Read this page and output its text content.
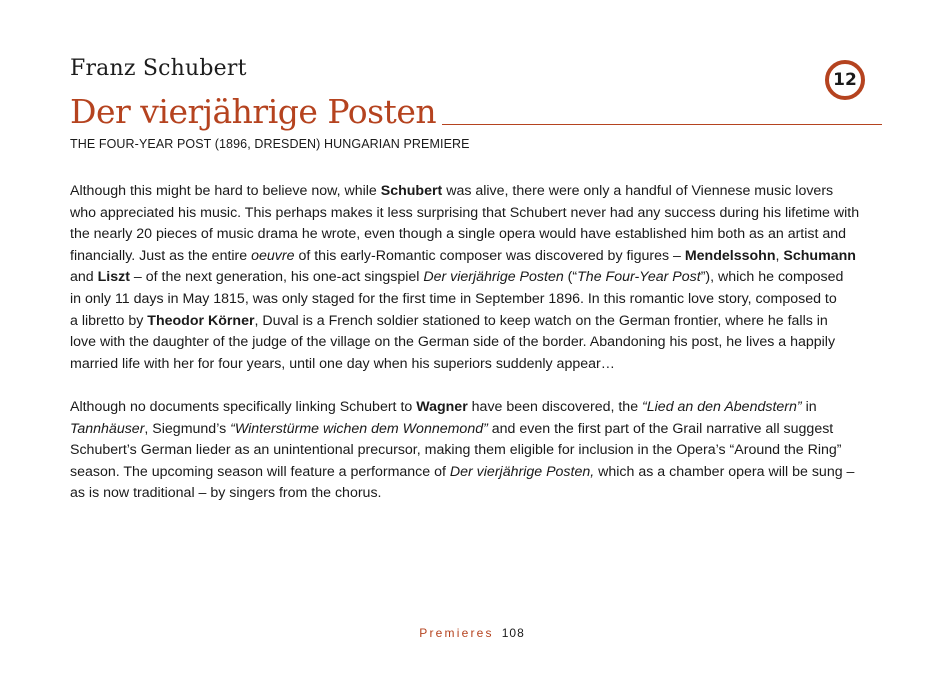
Franz Schubert
Der vierjährige Posten
12
THE FOUR-YEAR POST (1896, DRESDEN) HUNGARIAN PREMIERE

Although this might be hard to believe now, while Schubert was alive, there were only a handful of Viennese music lovers
who appreciated his music. This perhaps makes it less surprising that Schubert never had any success during his lifetime with
the nearly 20 pieces of music drama he wrote, even though a single opera would have established him both as an artist and
financially. Just as the entire oeuvre of this early-Romantic composer was discovered by figures – Mendelssohn, Schumann
and Liszt – of the next generation, his one-act singspiel Der vierjährige Posten (“The Four-Year Post”), which he composed
in only 11 days in May 1815, was only staged for the first time in September 1896. In this romantic love story, composed to
a libretto by Theodor Körner, Duval is a French soldier stationed to keep watch on the German frontier, where he falls in
love with the daughter of the judge of the village on the German side of the border. Abandoning his post, he lives a happily
married life with her for four years, until one day when his superiors suddenly appear…

Although no documents specifically linking Schubert to Wagner have been discovered, the “Lied an den Abendstern” in
Tannhäuser, Siegmund’s “Winterstürme wichen dem Wonnemond” and even the first part of the Grail narrative all suggest
Schubert’s German lieder as an unintentional precursor, making them eligible for inclusion in the Opera’s “Around the Ring”
season. The upcoming season will feature a performance of Der vierjährige Posten, which as a chamber opera will be sung –
as is now traditional – by singers from the chorus.

Premieres 108
